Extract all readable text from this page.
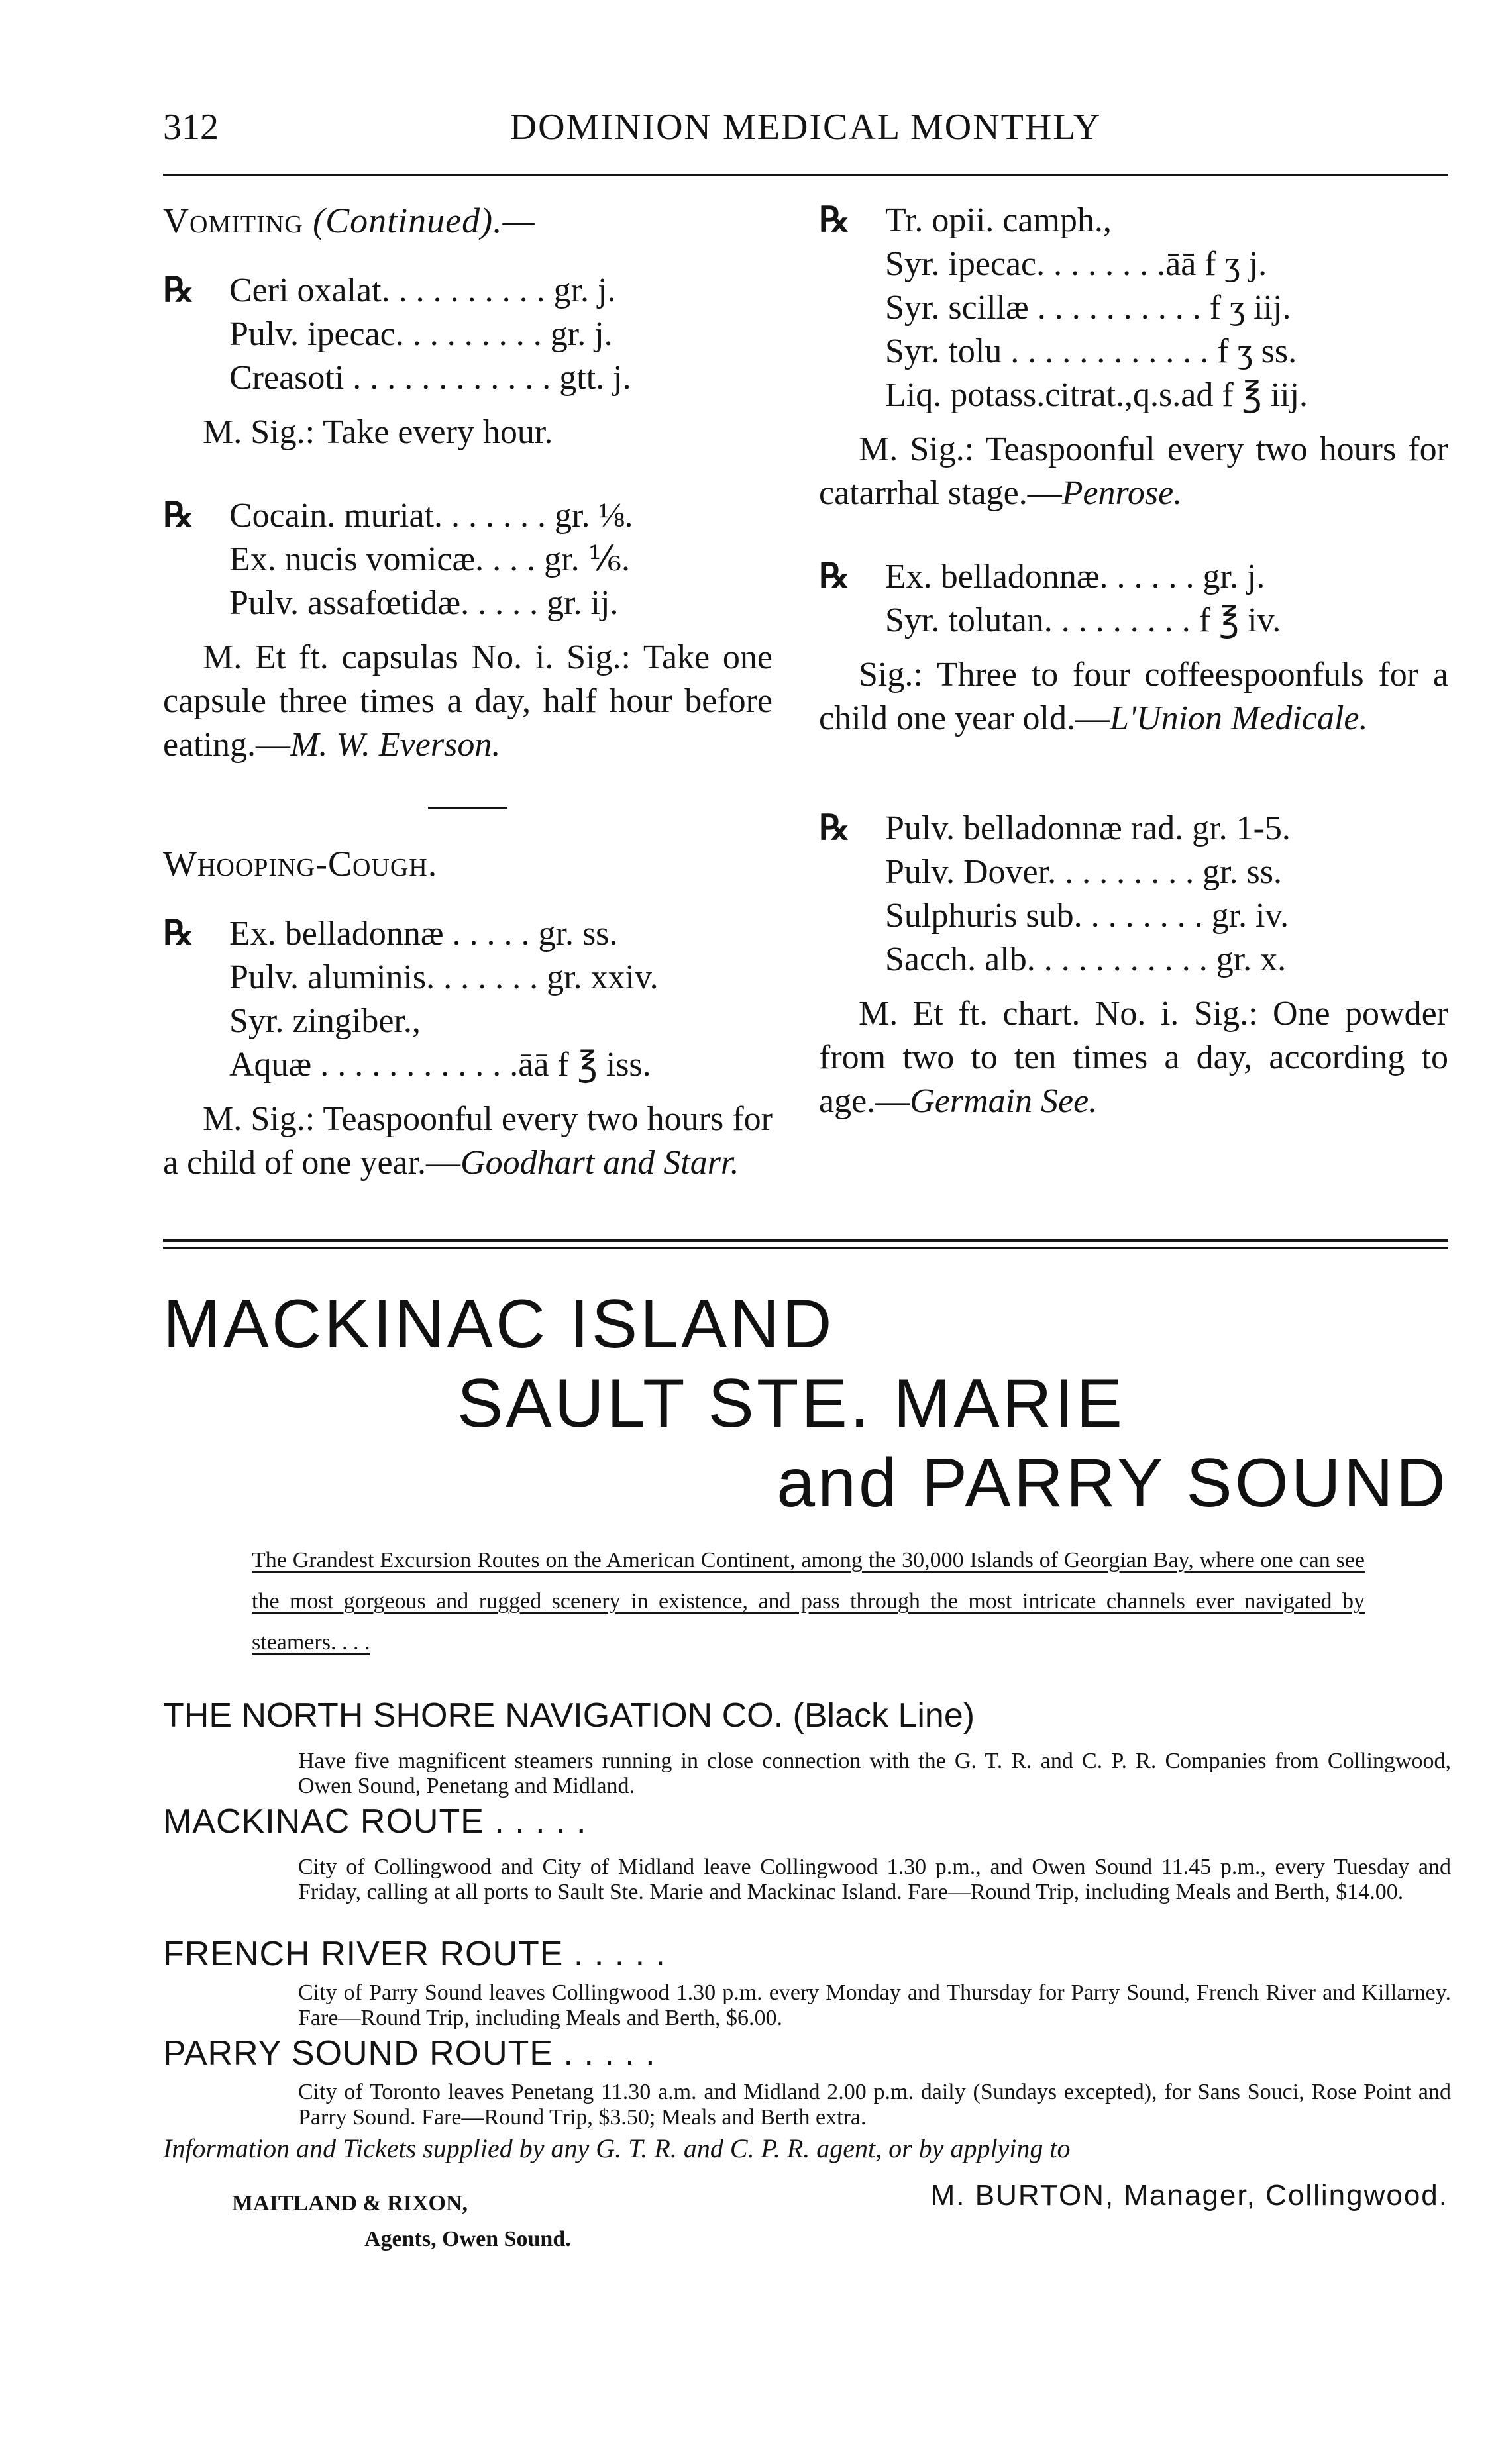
312	DOMINION MEDICAL MONTHLY
Vomiting (Continued).—
℞ Ceri oxalat. . . . . . . . . . gr. j.
Pulv. ipecac. . . . . . . . . gr. j.
Creasoti . . . . . . . . . . . . gtt. j.
M. Sig.: Take every hour.
℞ Cocain. muriat. . . . . . . gr. ⅛.
Ex. nucis vomicæ. . . . gr. ⅙.
Pulv. assafœtidæ. . . . . gr. ij.
M. Et ft. capsulas No. i. Sig.: Take one capsule three times a day, half hour before eating.—M. W. Everson.
Whooping-Cough.
℞ Ex. belladonnæ . . . . . gr. ss.
Pulv. aluminis. . . . . . . gr. xxiv.
Syr. zingiber.,
Aquæ . . . . . . . . . . . .āā f ℥ iss.
M. Sig.: Teaspoonful every two hours for a child of one year.—Goodhart and Starr.
℞ Tr. opii. camph.,
Syr. ipecac. . . . . . . .āā f ʒ j.
Syr. scillæ . . . . . . . . . . f ʒ iij.
Syr. tolu . . . . . . . . . . . . f ʒ ss.
Liq. potass.citrat.,q.s.ad f ℥ iij.
M. Sig.: Teaspoonful every two hours for catarrhal stage.—Penrose.
℞ Ex. belladonnæ. . . . . . gr. j.
Syr. tolutan. . . . . . . . . f ℥ iv.
Sig.: Three to four coffeespoonfuls for a child one year old.—L'Union Medicale.
℞ Pulv. belladonnæ rad. gr. 1-5.
Pulv. Dover. . . . . . . . . gr. ss.
Sulphuris sub. . . . . . . . gr. iv.
Sacch. alb. . . . . . . . . . . gr. x.
M. Et ft. chart. No. i. Sig.: One powder from two to ten times a day, according to age.—Germain See.
MACKINAC ISLAND
SAULT STE. MARIE
and PARRY SOUND
The Grandest Excursion Routes on the American Continent, among the 30,000 Islands of Georgian Bay, where one can see the most gorgeous and rugged scenery in existence, and pass through the most intricate channels ever navigated by steamers. . . .
THE NORTH SHORE NAVIGATION CO. (Black Line)
Have five magnificent steamers running in close connection with the G. T. R. and C. P. R. Companies from Collingwood, Owen Sound, Penetang and Midland.
MACKINAC ROUTE . . . . .
City of Collingwood and City of Midland leave Collingwood 1.30 p.m., and Owen Sound 11.45 p.m., every Tuesday and Friday, calling at all ports to Sault Ste. Marie and Mackinac Island. Fare—Round Trip, including Meals and Berth, $14.00.
FRENCH RIVER ROUTE . . . . .
City of Parry Sound leaves Collingwood 1.30 p.m. every Monday and Thursday for Parry Sound, French River and Killarney. Fare—Round Trip, including Meals and Berth, $6.00.
PARRY SOUND ROUTE . . . . .
City of Toronto leaves Penetang 11.30 a.m. and Midland 2.00 p.m. daily (Sundays excepted), for Sans Souci, Rose Point and Parry Sound. Fare—Round Trip, $3.50; Meals and Berth extra.
Information and Tickets supplied by any G. T. R. and C. P. R. agent, or by applying to
MAITLAND & RIXON,
Agents, Owen Sound.
M. BURTON, Manager, Collingwood.
